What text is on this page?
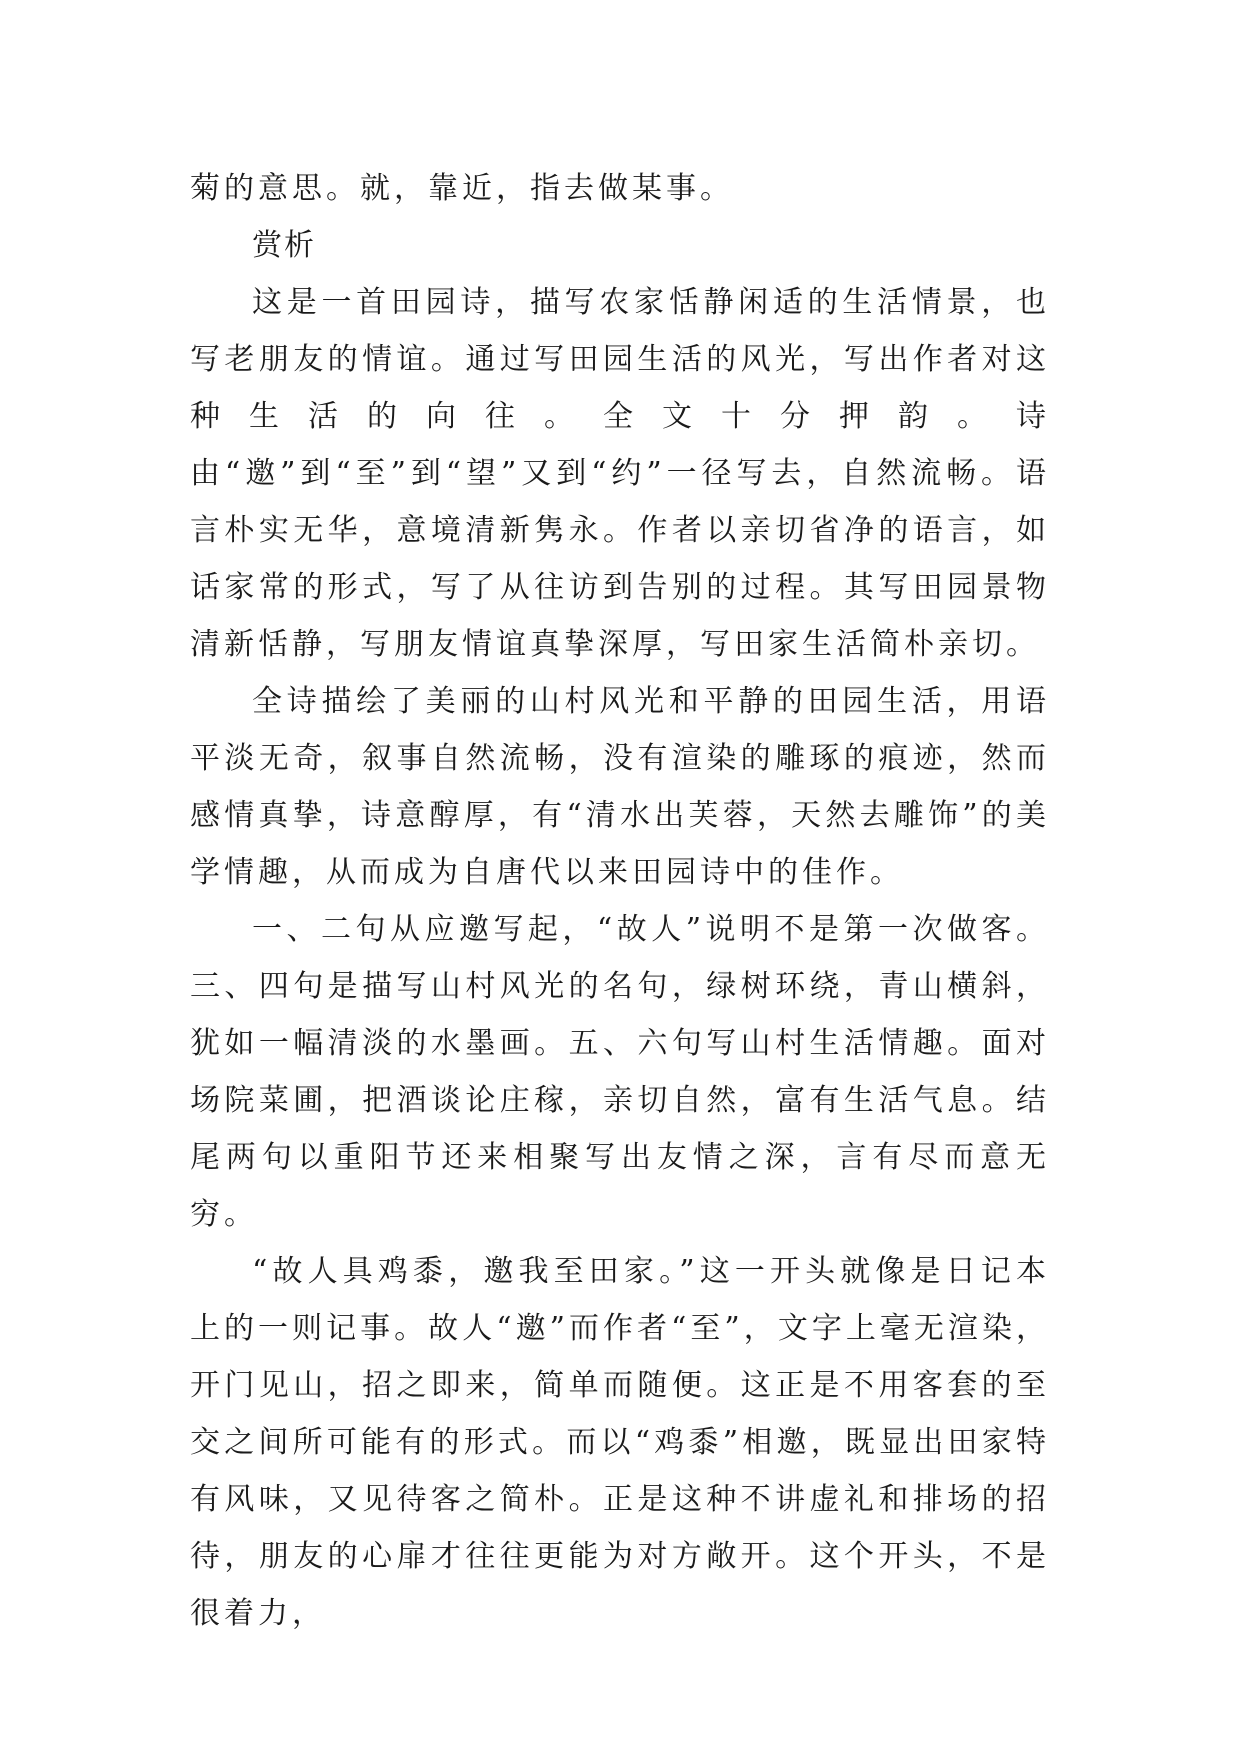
菊的意思。就，靠近，指去做某事。

赏析

这是一首田园诗，描写农家恬静闲适的生活情景，也写老朋友的情谊。通过写田园生活的风光，写出作者对这种生活的向往。全文十分押韵。诗由“邀”到“至”到“望”又到“约”一径写去，自然流畅。语言朴实无华，意境清新隽永。作者以亲切省净的语言，如话家常的形式，写了从往访到告别的过程。其写田园景物清新恬静，写朋友情谊真挚深厚，写田家生活简朴亲切。

全诗描绘了美丽的山村风光和平静的田园生活，用语平淡无奇，叙事自然流畅，没有渲染的雕琢的痕迹，然而感情真挚，诗意醇厚，有“清水出芙蓉，天然去雕饰”的美学情趣，从而成为自唐代以来田园诗中的佳作。

一、二句从应邀写起，“故人”说明不是第一次做客。三、四句是描写山村风光的名句，绿树环绕，青山横斜，犹如一幅清淡的水墨画。五、六句写山村生活情趣。面对场院菜圃，把酒谈论庄稼，亲切自然，富有生活气息。结尾两句以重阳节还来相聚写出友情之深，言有尽而意无穷。

“故人具鸡黍，邀我至田家。”这一开头就像是日记本上的一则记事。故人“邀”而作者“至”，文字上毫无渲染，开门见山，招之即来，简单而随便。这正是不用客套的至交之间所可能有的形式。而以“鸡黍”相邀，既显出田家特有风味，又见待客之简朴。正是这种不讲虚礼和排场的招待，朋友的心扉才往往更能为对方敞开。这个开头，不是很着力，
